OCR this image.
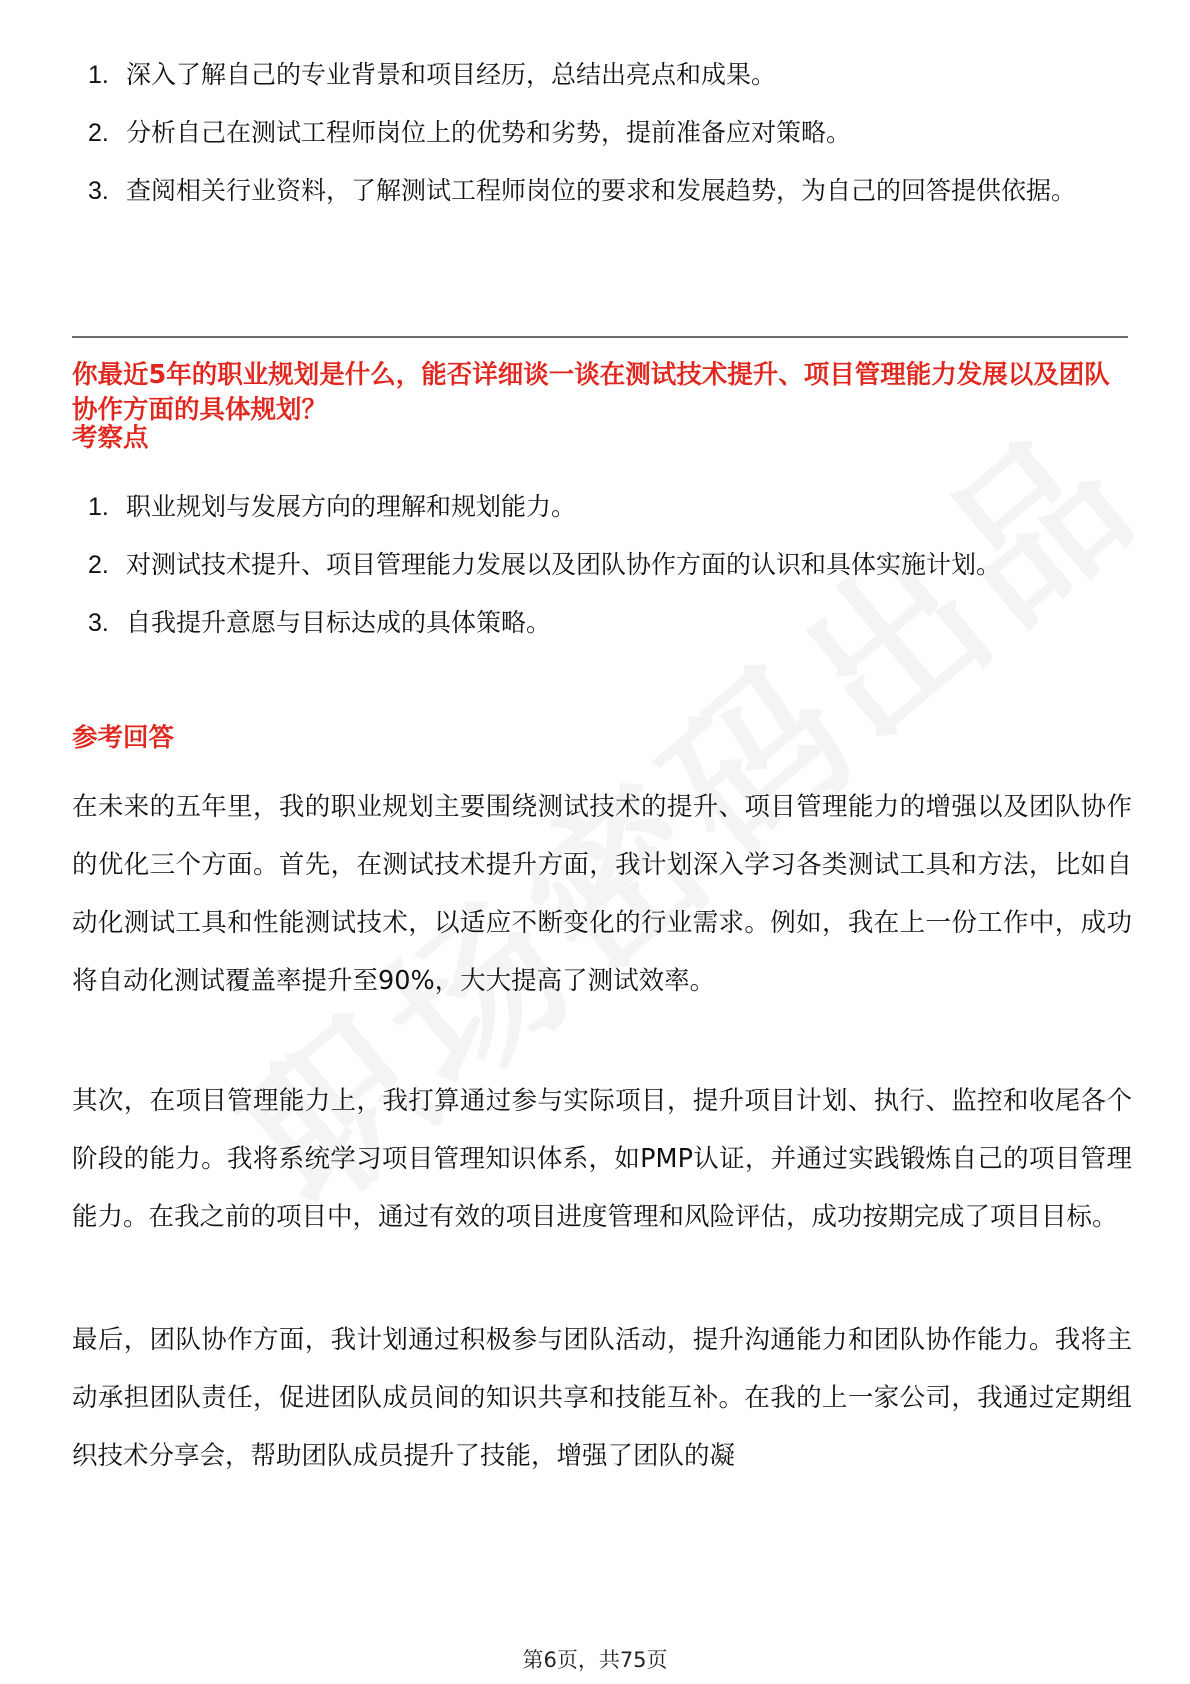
1. 深入了解自己的专业背景和项目经历，总结出亮点和成果。
2. 分析自己在测试工程师岗位上的优势和劣势，提前准备应对策略。
3. 查阅相关行业资料，了解测试工程师岗位的要求和发展趋势，为自己的回答提供依据。
你最近5年的职业规划是什么，能否详细谈一谈在测试技术提升、项目管理能力发展以及团队协作方面的具体规划？
考察点
1. 职业规划与发展方向的理解和规划能力。
2. 对测试技术提升、项目管理能力发展以及团队协作方面的认识和具体实施计划。
3. 自我提升意愿与目标达成的具体策略。
参考回答

在未来的五年里，我的职业规划主要围绕测试技术的提升、项目管理能力的增强以及团队协作的优化三个方面。首先，在测试技术提升方面，我计划深入学习各类测试工具和方法，比如自动化测试工具和性能测试技术，以适应不断变化的行业需求。例如，我在上一份工作中，成功将自动化测试覆盖率提升至90%，大大提高了测试效率。

其次，在项目管理能力上，我打算通过参与实际项目，提升项目计划、执行、监控和收尾各个阶段的能力。我将系统学习项目管理知识体系，如PMP认证，并通过实践锻炼自己的项目管理能力。在我之前的项目中，通过有效的项目进度管理和风险评估，成功按期完成了项目目标。

最后，团队协作方面，我计划通过积极参与团队活动，提升沟通能力和团队协作能力。我将主动承担团队责任，促进团队成员间的知识共享和技能互补。在我的上一家公司，我通过定期组织技术分享会，帮助团队成员提升了技能，增强了团队的凝

第6页，共75页
